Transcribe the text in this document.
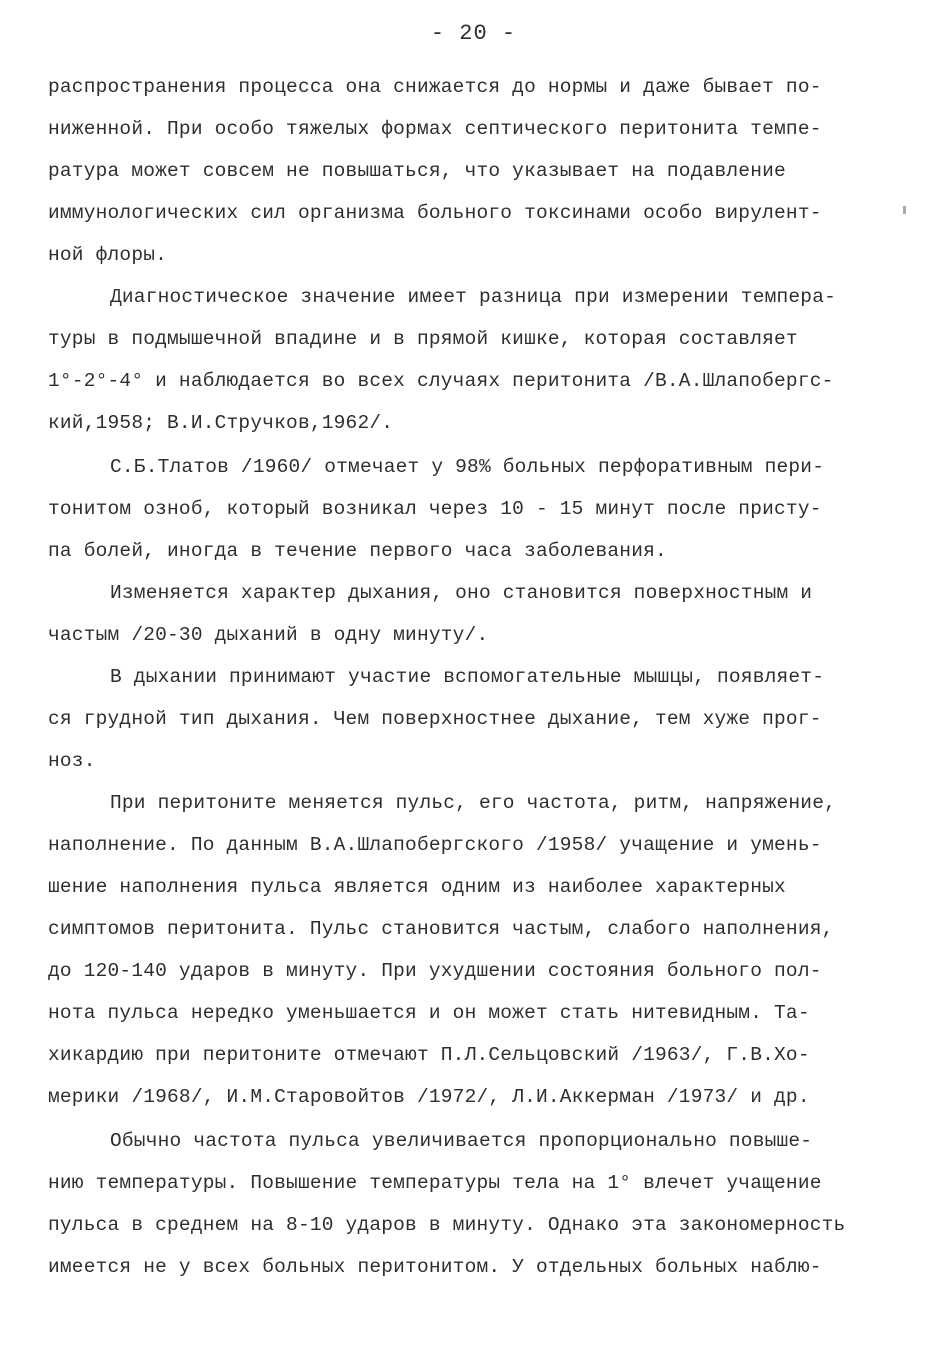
- 20 -
распространения процесса она снижается до нормы и даже бывает по-
ниженной. При особо тяжелых формах септического перитонита темпе-
ратура может совсем не повышаться, что указывает на подавление
иммунологических сил организма больного токсинами особо вирулент-
ной флоры.
Диагностическое значение имеет разница при измерении темпера-
туры в подмышечной впадине и в прямой кишке, которая составляет
1°-2°-4° и наблюдается во всех случаях перитонита /В.А.Шлапобергс-
кий,1958; В.И.Стручков,1962/.
С.Б.Тлатов /1960/ отмечает у 98% больных перфоративным пери-
тонитом озноб, который возникал через 10 - 15 минут после присту-
па болей, иногда в течение первого часа заболевания.
Изменяется характер дыхания, оно становится поверхностным и
частым /20-30 дыханий в одну минуту/.
В дыхании принимают участие вспомогательные мышцы, появляет-
ся грудной тип дыхания. Чем поверхностнее дыхание, тем хуже прог-
ноз.
При перитоните меняется пульс, его частота, ритм, напряжение,
наполнение. По данным В.А.Шлапобергского /1958/ учащение и умень-
шение наполнения пульса является одним из наиболее характерных
симптомов перитонита. Пульс становится частым, слабого наполнения,
до 120-140 ударов в минуту. При ухудшении состояния больного пол-
нота пульса нередко уменьшается и он может стать нитевидным. Та-
хикардию при перитоните отмечают П.Л.Сельцовский /1963/, Г.В.Хо-
мерики /1968/, И.М.Старовойтов /1972/, Л.И.Аккерман /1973/ и др.
Обычно частота пульса увеличивается пропорционально повыше-
нию температуры. Повышение температуры тела на 1° влечет учащение
пульса в среднем на 8-10 ударов в минуту. Однако эта закономерность
имеется не у всех больных перитонитом. У отдельных больных наблю-
